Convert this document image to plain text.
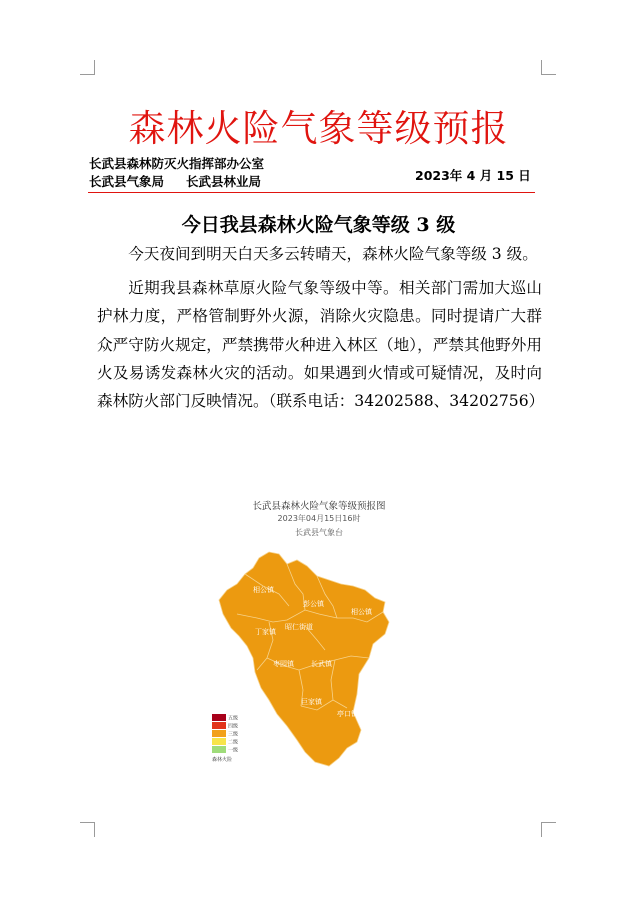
森林火险气象等级预报
长武县森林防灭火指挥部办公室
长武县气象局 长武县林业局	2023年 4 月 15 日
今日我县森林火险气象等级 3 级

今天夜间到明天白天多云转晴天，森林火险气象等级 3 级。

近期我县森林草原火险气象等级中等。相关部门需加大巡山护林力度，严格管制野外火源，消除火灾隐患。同时提请广大群众严守防火规定，严禁携带火种进入林区（地），严禁其他野外用火及易诱发森林火灾的活动。如果遇到火情或可疑情况，及时向森林防火部门反映情况。（联系电话：34202588、34202756）

长武县森林火险气象等级预报图
2023年04月15日16时
长武县气象台
相公镇
彭公镇
相公镇
丁家镇
昭仁街道
枣园镇 长武镇
巨家镇
亭口镇
五级
四级
三级
二级
一级
森林火险
